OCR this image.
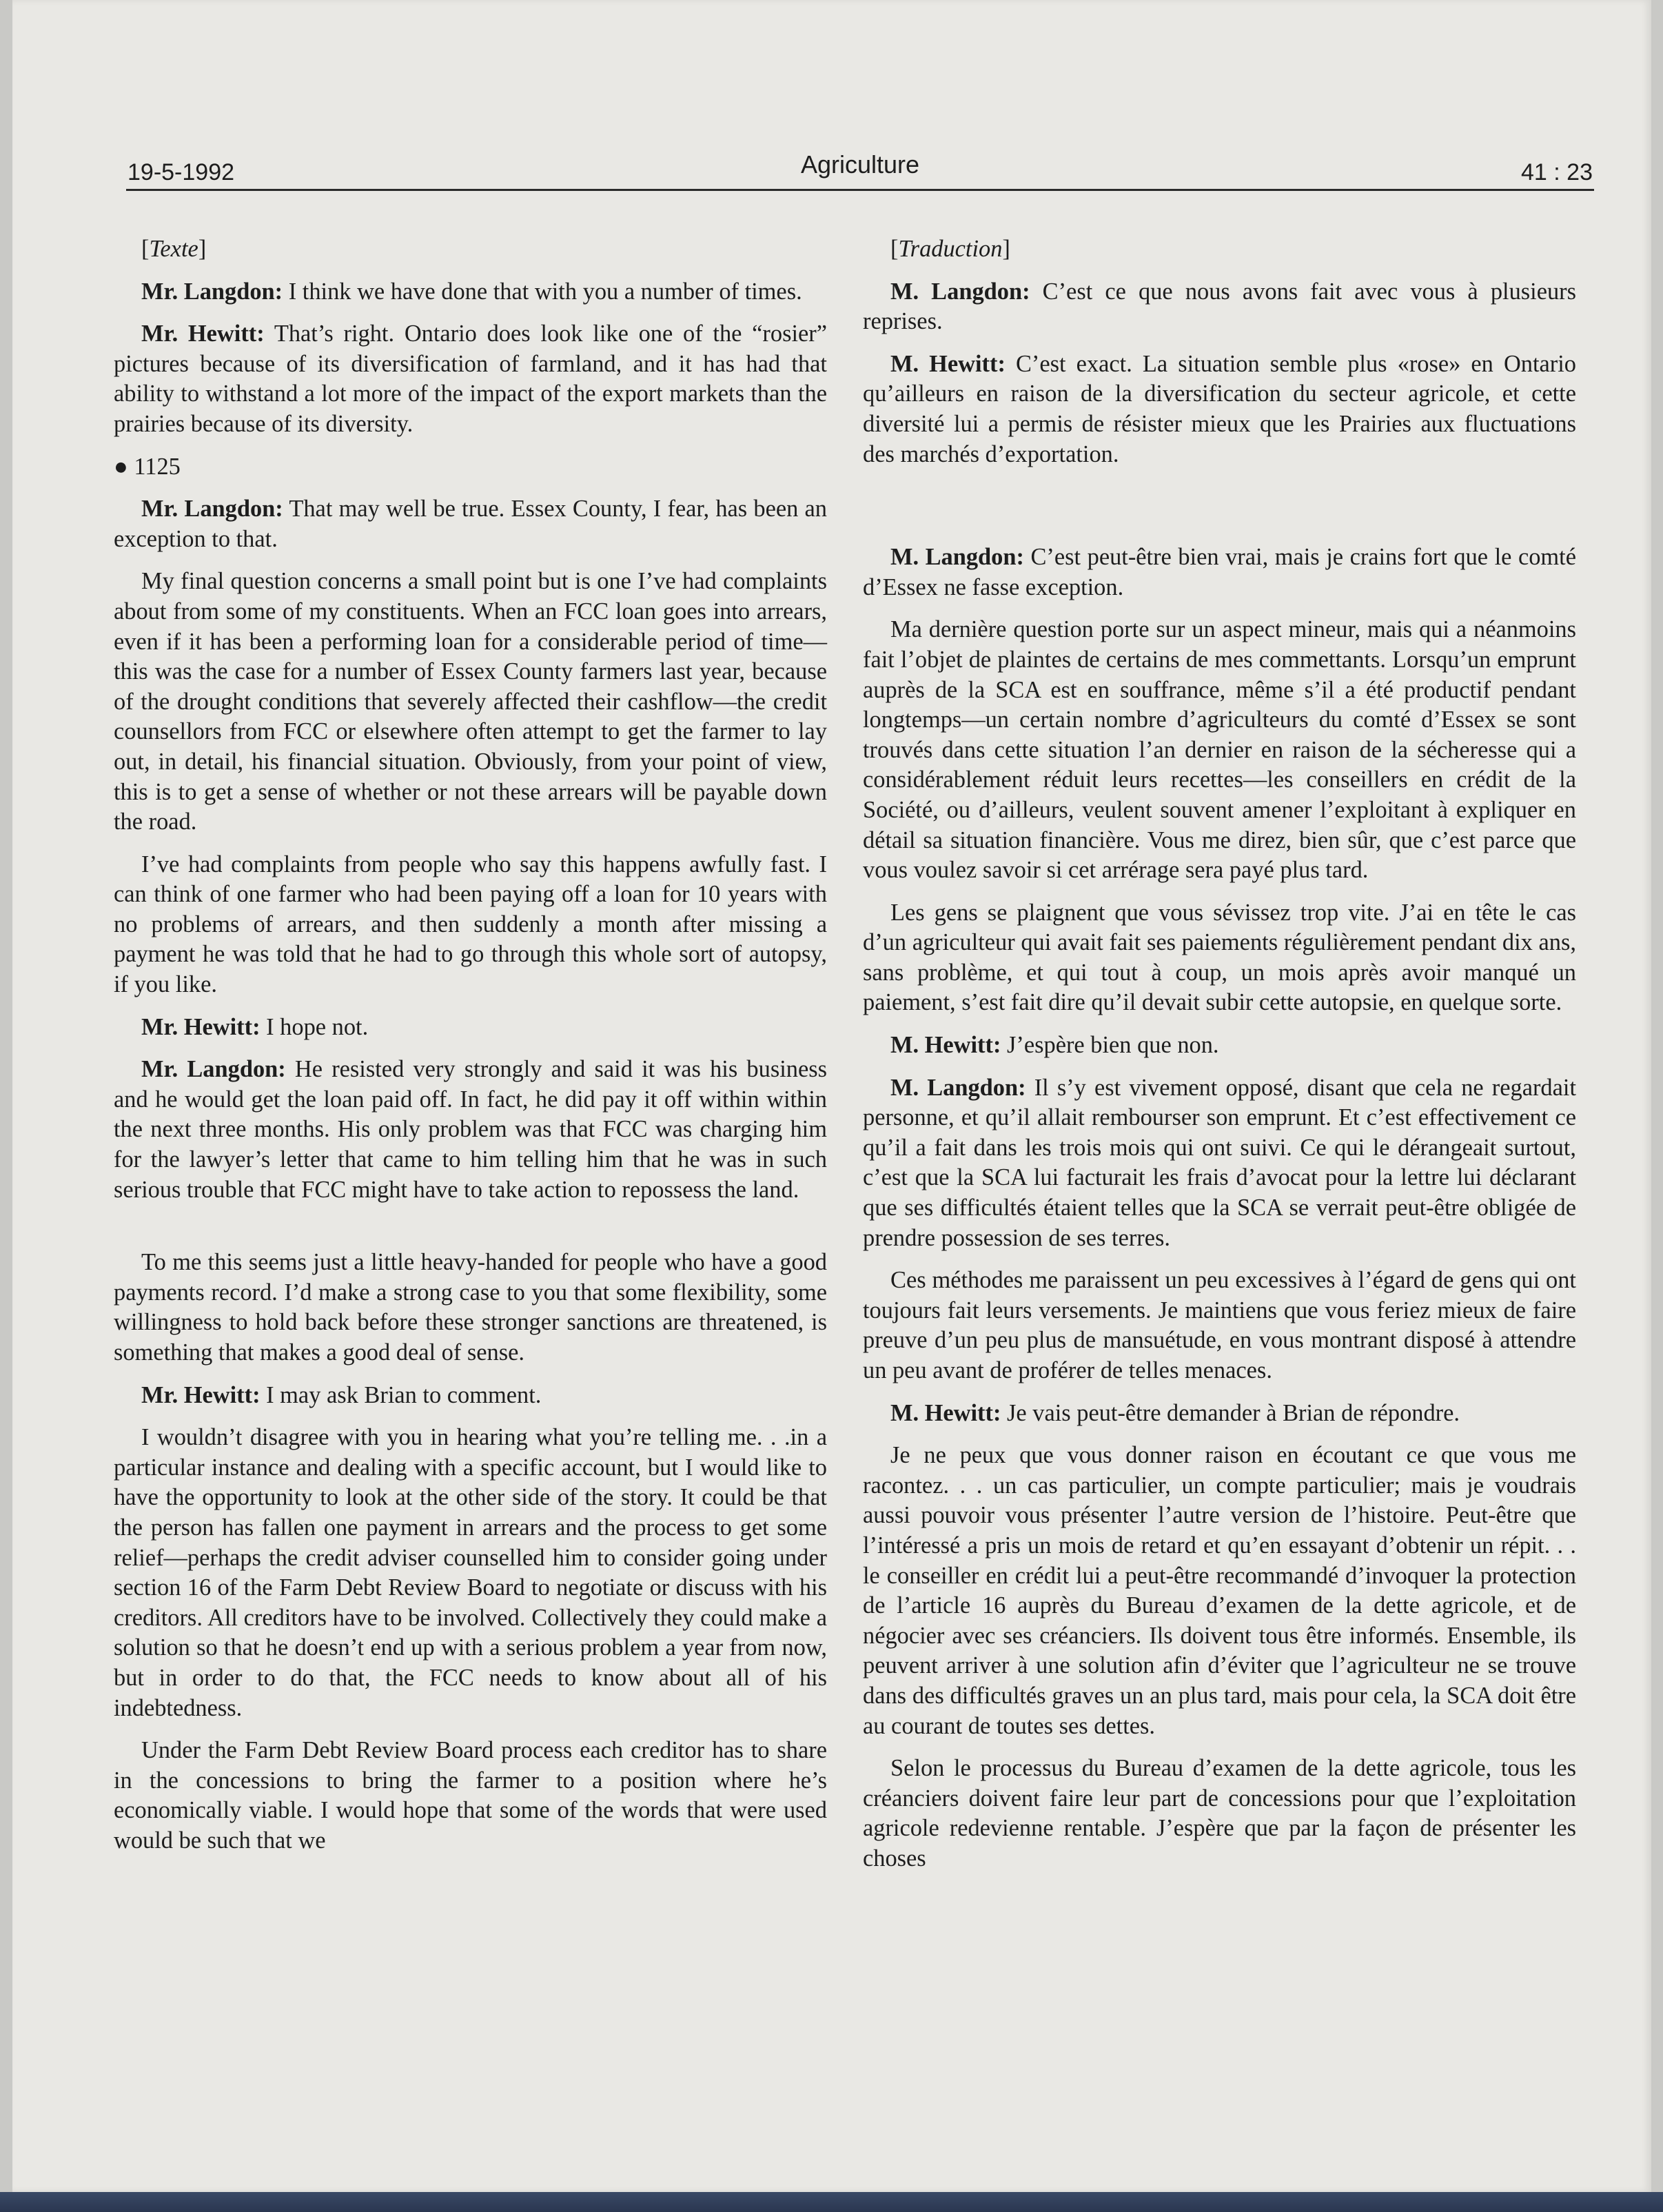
19-5-1992	Agriculture	41 : 23

[Texte]

Mr. Langdon: I think we have done that with you a number of times.

Mr. Hewitt: That’s right. Ontario does look like one of the “rosier” pictures because of its diversification of farmland, and it has had that ability to withstand a lot more of the impact of the export markets than the prairies because of its diversity.

● 1125

Mr. Langdon: That may well be true. Essex County, I fear, has been an exception to that.

My final question concerns a small point but is one I’ve had complaints about from some of my constituents. When an FCC loan goes into arrears, even if it has been a performing loan for a considerable period of time—this was the case for a number of Essex County farmers last year, because of the drought conditions that severely affected their cashflow—the credit counsellors from FCC or elsewhere often attempt to get the farmer to lay out, in detail, his financial situation. Obviously, from your point of view, this is to get a sense of whether or not these arrears will be payable down the road.

I’ve had complaints from people who say this happens awfully fast. I can think of one farmer who had been paying off a loan for 10 years with no problems of arrears, and then suddenly a month after missing a payment he was told that he had to go through this whole sort of autopsy, if you like.

Mr. Hewitt: I hope not.

Mr. Langdon: He resisted very strongly and said it was his business and he would get the loan paid off. In fact, he did pay it off within within the next three months. His only problem was that FCC was charging him for the lawyer’s letter that came to him telling him that he was in such serious trouble that FCC might have to take action to repossess the land.

To me this seems just a little heavy-handed for people who have a good payments record. I’d make a strong case to you that some flexibility, some willingness to hold back before these stronger sanctions are threatened, is something that makes a good deal of sense.

Mr. Hewitt: I may ask Brian to comment.

I wouldn’t disagree with you in hearing what you’re telling me. . .in a particular instance and dealing with a specific account, but I would like to have the opportunity to look at the other side of the story. It could be that the person has fallen one payment in arrears and the process to get some relief—perhaps the credit adviser counselled him to consider going under section 16 of the Farm Debt Review Board to negotiate or discuss with his creditors. All creditors have to be involved. Collectively they could make a solution so that he doesn’t end up with a serious problem a year from now, but in order to do that, the FCC needs to know about all of his indebtedness.

Under the Farm Debt Review Board process each creditor has to share in the concessions to bring the farmer to a position where he’s economically viable. I would hope that some of the words that were used would be such that we

[Traduction]

M. Langdon: C’est ce que nous avons fait avec vous à plusieurs reprises.

M. Hewitt: C’est exact. La situation semble plus «rose» en Ontario qu’ailleurs en raison de la diversification du secteur agricole, et cette diversité lui a permis de résister mieux que les Prairies aux fluctuations des marchés d’exportation.

M. Langdon: C’est peut-être bien vrai, mais je crains fort que le comté d’Essex ne fasse exception.

Ma dernière question porte sur un aspect mineur, mais qui a néanmoins fait l’objet de plaintes de certains de mes commettants. Lorsqu’un emprunt auprès de la SCA est en souffrance, même s’il a été productif pendant longtemps—un certain nombre d’agriculteurs du comté d’Essex se sont trouvés dans cette situation l’an dernier en raison de la sécheresse qui a considérablement réduit leurs recettes—les conseillers en crédit de la Société, ou d’ailleurs, veulent souvent amener l’exploitant à expliquer en détail sa situation financière. Vous me direz, bien sûr, que c’est parce que vous voulez savoir si cet arrérage sera payé plus tard.

Les gens se plaignent que vous sévissez trop vite. J’ai en tête le cas d’un agriculteur qui avait fait ses paiements régulièrement pendant dix ans, sans problème, et qui tout à coup, un mois après avoir manqué un paiement, s’est fait dire qu’il devait subir cette autopsie, en quelque sorte.

M. Hewitt: J’espère bien que non.

M. Langdon: Il s’y est vivement opposé, disant que cela ne regardait personne, et qu’il allait rembourser son emprunt. Et c’est effectivement ce qu’il a fait dans les trois mois qui ont suivi. Ce qui le dérangeait surtout, c’est que la SCA lui facturait les frais d’avocat pour la lettre lui déclarant que ses difficultés étaient telles que la SCA se verrait peut-être obligée de prendre possession de ses terres.

Ces méthodes me paraissent un peu excessives à l’égard de gens qui ont toujours fait leurs versements. Je maintiens que vous feriez mieux de faire preuve d’un peu plus de mansuétude, en vous montrant disposé à attendre un peu avant de proférer de telles menaces.

M. Hewitt: Je vais peut-être demander à Brian de répondre.

Je ne peux que vous donner raison en écoutant ce que vous me racontez. . . un cas particulier, un compte particulier; mais je voudrais aussi pouvoir vous présenter l’autre version de l’histoire. Peut-être que l’intéressé a pris un mois de retard et qu’en essayant d’obtenir un répit. . . le conseiller en crédit lui a peut-être recommandé d’invoquer la protection de l’article 16 auprès du Bureau d’examen de la dette agricole, et de négocier avec ses créanciers. Ils doivent tous être informés. Ensemble, ils peuvent arriver à une solution afin d’éviter que l’agriculteur ne se trouve dans des difficultés graves un an plus tard, mais pour cela, la SCA doit être au courant de toutes ses dettes.

Selon le processus du Bureau d’examen de la dette agricole, tous les créanciers doivent faire leur part de concessions pour que l’exploitation agricole redevienne rentable. J’espère que par la façon de présenter les choses
